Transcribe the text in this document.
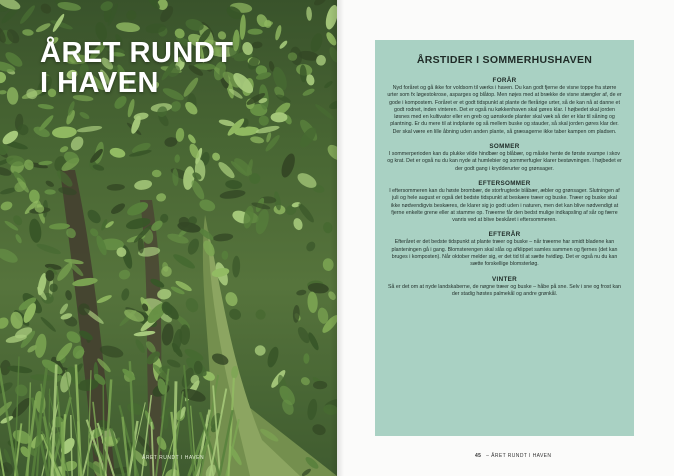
ÅRET RUNDT
I HAVEN
ÅRET RUNDT I HAVEN
ÅRSTIDER I SOMMERHUSHAVEN
FORÅR

Nyd foråret og gå ikke for voldsom til værks i haven. Du kan godt fjerne de visne toppe fra større urter som fx løgestokrose, asparges og blåtop. Men nøjes med at brække de visne stængler af, de er gode i kompostem. Foråret er et godt tidspunkt at plante de flerårige urter, så de kan nå at danne et godt rodnet, inden vinteren. Det er også nu køkkenhaven skal gøres klar. I højbedet skal jorden løsnes med en kultivator eller en greb og uønskede planter skal væk så der er klar til såning og plantning. Er du mere til at indplante og så mellem buske og stauder, så skal jorden gøres klar der. Der skal være en lille åbning uden anden plante, så græsagerne ikke taber kampen om pladsen.

SOMMER

I sommerperioden kan du plukke vilde hindbær og blåbær, og måske hente de første svampe i skov og krat. Det er også nu du kan nyde at humlebier og sommerfugler klarer bestøvningen. I højbedet er der godt gang i krydderurter og grønsager.

EFTERSOMMER

I eftersommeren kan du høste brombær, de storfrugtede blåbær, æbler og grønsager. Slutningen af juli og hele august er også det bedste tidspunkt at beskære træer og buske. Træer og buske skal ikke nødvendigvis beskæres, de klarer sig jo godt uden i naturen, men det kan blive nødvendigt at fjerne enkelte grene eller at stamme op. Træerne får den bedst mulige indkapsling af sår og færre vanris ved at blive beskåret i eftersommeren.

EFTERÅR

Efteråret er det bedste tidspunkt at plante træer og buske – når træerne har smidt bladene kan planteningen gå i gang. Blomsterengen skal slås og afklippet samles sammen og fjernes (det kan bruges i komposten). Når oktober melder sig, er det tid til at sætte hvidløg. Det er også nu du kan sætte forskellige blomsterløg.

VINTER

Så er det om at nyde landskaberne, de nøgne træer og buske – håbe på sne. Selv i sne og frost kan der stadig høstes palmekål og andre grønkål.

45 – ÅRET RUNDT I HAVEN
